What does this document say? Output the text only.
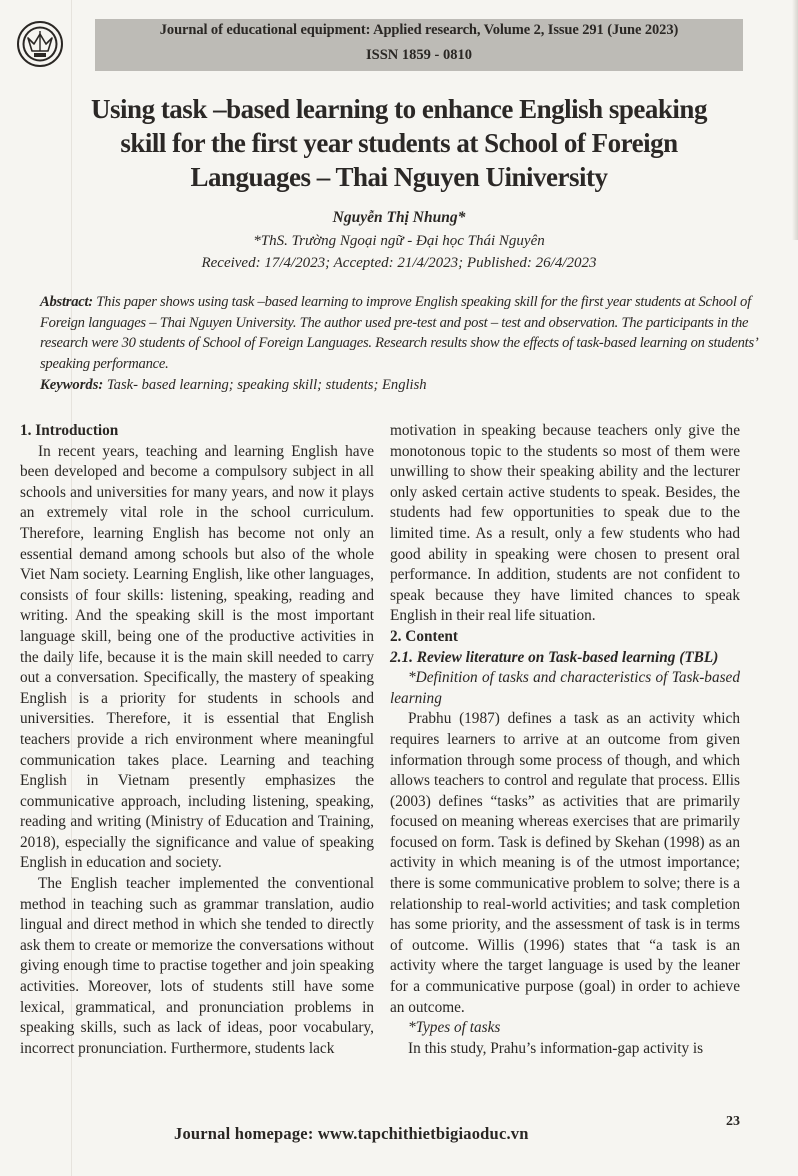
Journal of educational equipment: Applied research, Volume 2, Issue 291 (June 2023)
ISSN 1859 - 0810
Using task –based learning to enhance English speaking
skill for the first year students at School of Foreign
Languages – Thai Nguyen Uiniversity
Nguyễn Thị Nhung*
*ThS. Trường Ngoại ngữ - Đại học Thái Nguyên
Received: 17/4/2023; Accepted: 21/4/2023; Published: 26/4/2023
Abstract: This paper shows using task –based learning to improve English speaking skill for the first year students at School of Foreign languages – Thai Nguyen University. The author used pre-test and post – test and observation. The participants in the research were 30 students of School of Foreign Languages. Research results show the effects of task-based learning on students’ speaking performance.
Keywords: Task- based learning; speaking skill; students; English

1. Introduction

In recent years, teaching and learning English have been developed and become a compulsory subject in all schools and universities for many years, and now it plays an extremely vital role in the school curriculum. Therefore, learning English has become not only an essential demand among schools but also of the whole Viet Nam society. Learning English, like other languages, consists of four skills: listening, speaking, reading and writing. And the speaking skill is the most important language skill, being one of the productive activities in the daily life, because it is the main skill needed to carry out a conversation. Specifically, the mastery of speaking English is a priority for students in schools and universities. Therefore, it is essential that English teachers provide a rich environment where meaningful communication takes place. Learning and teaching English in Vietnam presently emphasizes the communicative approach, including listening, speaking, reading and writing (Ministry of Education and Training, 2018), especially the significance and value of speaking English in education and society.

The English teacher implemented the conventional method in teaching such as grammar translation, audio lingual and direct method in which she tended to directly ask them to create or memorize the conversations without giving enough time to practise together and join speaking activities. Moreover, lots of students still have some lexical, grammatical, and pronunciation problems in speaking skills, such as lack of ideas, poor vocabulary, incorrect pronunciation. Furthermore, students lack

motivation in speaking because teachers only give the monotonous topic to the students so most of them were unwilling to show their speaking ability and the lecturer only asked certain active students to speak. Besides, the students had few opportunities to speak due to the limited time. As a result, only a few students who had good ability in speaking were chosen to present oral performance. In addition, students are not confident to speak because they have limited chances to speak English in their real life situation.

2. Content

2.1. Review literature on Task-based learning (TBL)

*Definition of tasks and characteristics of Task-based learning

Prabhu (1987) defines a task as an activity which requires learners to arrive at an outcome from given information through some process of though, and which allows teachers to control and regulate that process. Ellis (2003) defines “tasks” as activities that are primarily focused on meaning whereas exercises that are primarily focused on form. Task is defined by Skehan (1998) as an activity in which meaning is of the utmost importance; there is some communicative problem to solve; there is a relationship to real-world activities; and task completion has some priority, and the assessment of task is in terms of outcome. Willis (1996) states that “a task is an activity where the target language is used by the leaner for a communicative purpose (goal) in order to achieve an outcome.

*Types of tasks

In this study, Prahu’s information-gap activity is

Journal homepage: www.tapchithietbigiaoduc.vn
23
